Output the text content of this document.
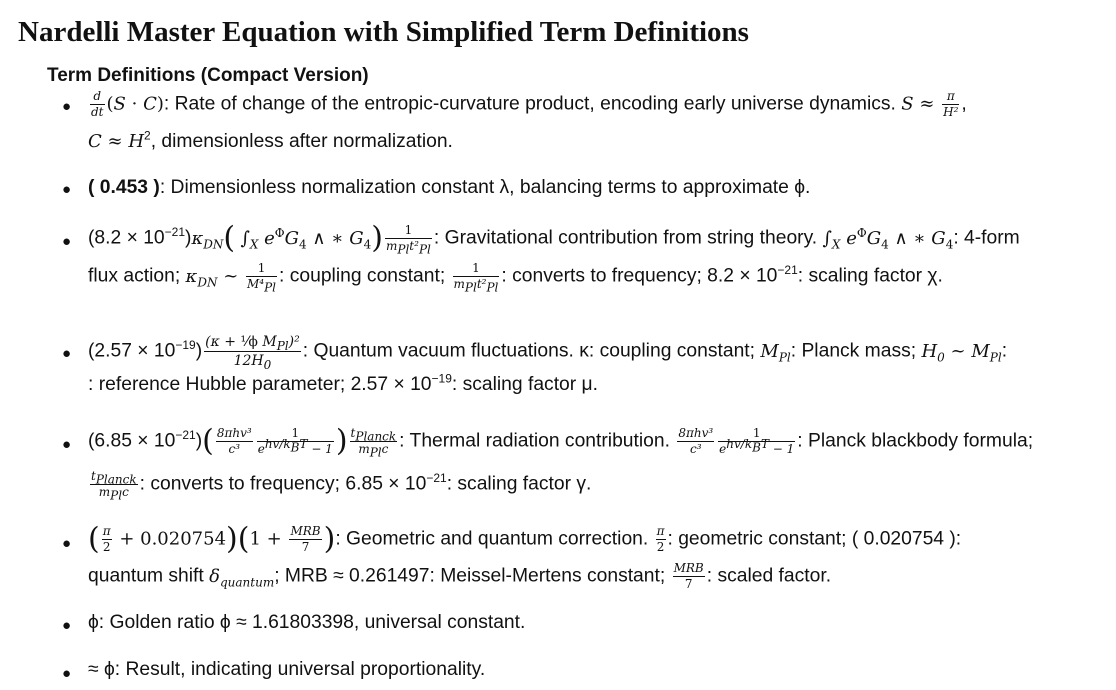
Nardelli Master Equation with Simplified Term Definitions
Term Definitions (Compact Version)
● $\frac{d}{dt} (S \cdot C)$: Rate of change of the entropic-curvature product, encoding early universe dynamics. $S \approx \frac{\pi}{\text{H²}}$ ,
$C \approx H^2$, dimensionless after normalization.
● ( 0.453 ): Dimensionless normalization constant λ, balancing terms to approximate ϕ.
● $(8.2 \times 10^{-21})\kappa_{DN}$( $\int_X$ $e^\Phi G_4$ ∧ ∗ $G_4) \frac{1}{m_{Pl}t^2_{Pl}}$ : Gravitational contribution from string theory. $\int_X$ $e^\Phi G_4$ ∧ ∗ $G_4$: 4-form
flux action; $\kappa_{DN}$ ~ $\frac{1}{M^4_{Pl}}$ : coupling constant; $\frac{1}{m_{Pl}t^2_{Pl}}$ : converts to frequency; $8.2 \times 10^{-21}$: scaling factor χ.
● $(2.57 \times 10^{-19}) \frac{(\kappa + ^1⁄\phi M_{Pl})^2}{12H_0}$ : Quantum vacuum fluctuations. κ: coupling constant; $M_{Pl}$: Planck mass; $H_0$ ~ $M_{Pl}$:
: reference Hubble parameter; $2.57 \times 10^{-19}$: scaling factor μ.
● $(6.85 \times 10^{-21})( \frac{\text{8πhv³}}{\text{c³}} \frac{1}{e^{hv/k_BT} - 1}$ ) $\frac{t_{Planck}}{m_{Pl}c}$ : Thermal radiation contribution. $\frac{\text{8πhv³}}{\text{c³}} \frac{1}{e^{hv/k_BT} - 1}$ : Planck blackbody formula;
$\frac{t_{Planck}}{m_{Pl}c}$ : converts to frequency; $6.85 \times 10^{-21}$: scaling factor γ.
● ( $\frac{\pi}{2} + 0.020754)(1 + \frac{\text{MRB}}{7}$ ): Geometric and quantum correction. $\frac{\pi}{2}$ : geometric constant; ( 0.020754 ):
quantum shift $\delta_{quantum}$; MRB ≈ 0.261497: Meissel-Mertens constant; $\frac{\text{MRB}}{7}$ : scaled factor.
● ϕ: Golden ratio ϕ ≈ 1.61803398, universal constant.
● ≈ ϕ: Result, indicating universal proportionality.
